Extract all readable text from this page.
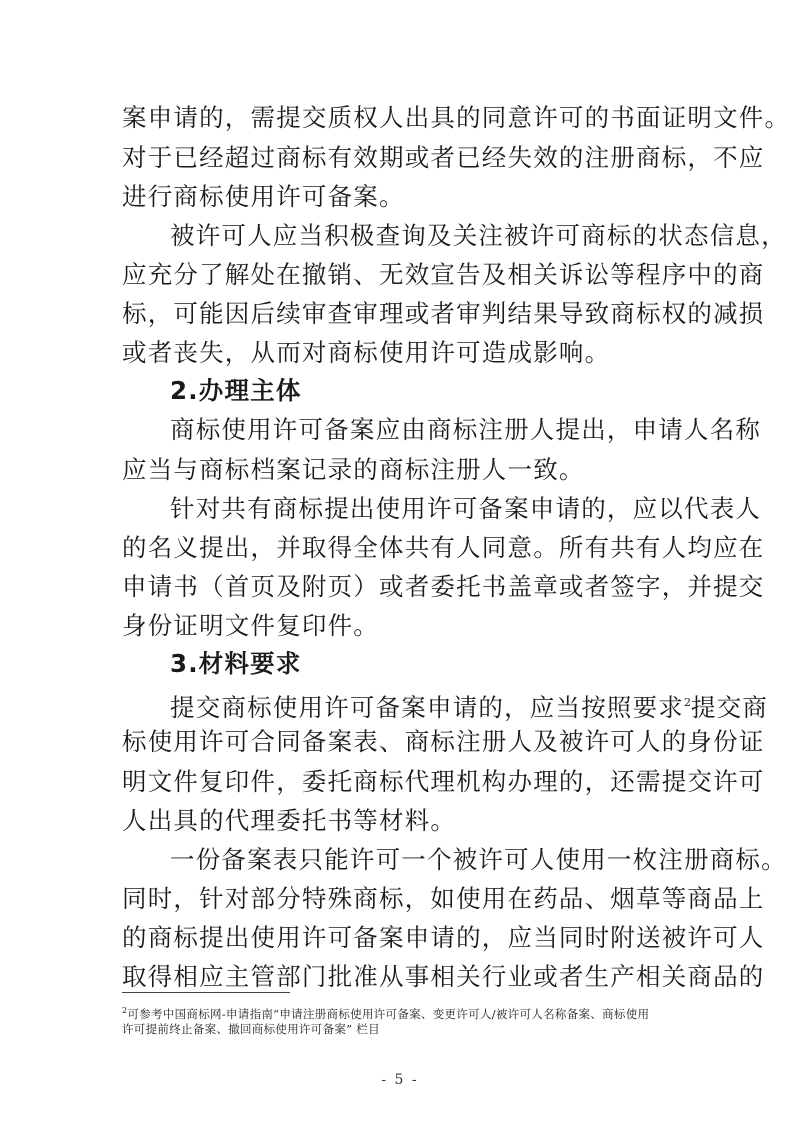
案申请的，需提交质权人出具的同意许可的书面证明文件。
对于已经超过商标有效期或者已经失效的注册商标，不应
进行商标使用许可备案。
被许可人应当积极查询及关注被许可商标的状态信息，
应充分了解处在撤销、无效宣告及相关诉讼等程序中的商
标，可能因后续审查审理或者审判结果导致商标权的减损
或者丧失，从而对商标使用许可造成影响。
2.办理主体
商标使用许可备案应由商标注册人提出，申请人名称
应当与商标档案记录的商标注册人一致。
针对共有商标提出使用许可备案申请的，应以代表人
的名义提出，并取得全体共有人同意。所有共有人均应在
申请书（首页及附页）或者委托书盖章或者签字，并提交
身份证明文件复印件。
3.材料要求
提交商标使用许可备案申请的，应当按照要求$^2$提交商
标使用许可合同备案表、商标注册人及被许可人的身份证
明文件复印件，委托商标代理机构办理的，还需提交许可
人出具的代理委托书等材料。
一份备案表只能许可一个被许可人使用一枚注册商标。
同时，针对部分特殊商标，如使用在药品、烟草等商品上
的商标提出使用许可备案申请的，应当同时附送被许可人
取得相应主管部门批准从事相关行业或者生产相关商品的
$^2$可参考中国商标网-申请指南“申请注册商标使用许可备案、变更许可人/被许可人名称备案、商标使用
许可提前终止备案、撤回商标使用许可备案” 栏目
- 5 -
